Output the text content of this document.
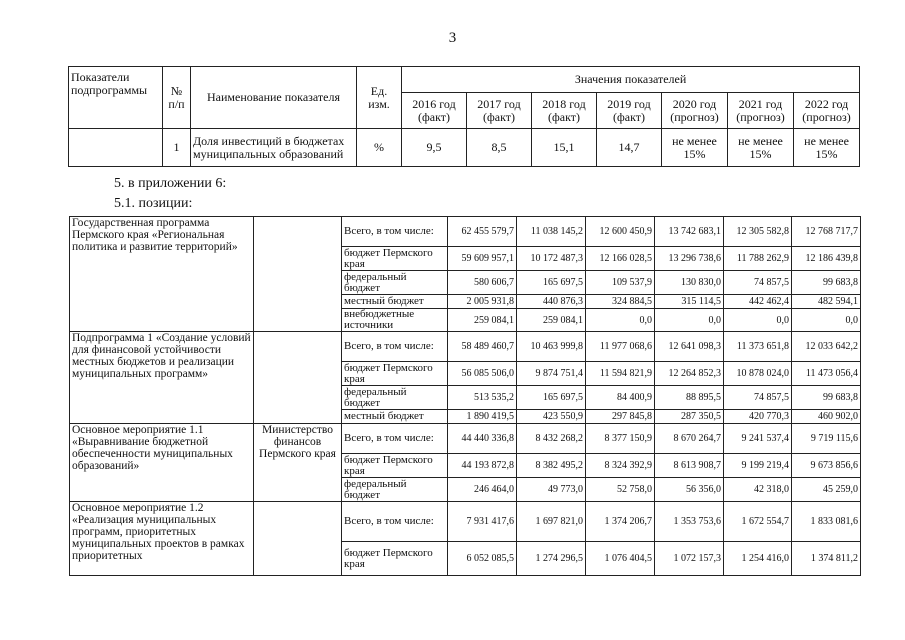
3
Показатели подпрограммы	№ п/п	Наименование показателя	Ед. изм.	Значения показателей						
				2016 год (факт)	2017 год (факт)	2018 год (факт)	2019 год (факт)	2020 год (прогноз)	2021 год (прогноз)	2022 год (прогноз)
	1	Доля инвестиций в бюджетах муниципальных образований	%	9,5	8,5	15,1	14,7	не менее 15%	не менее 15%	не менее 15%
5. в приложении 6:
5.1. позиции:
Государственная программа Пермского края «Региональная политика и развитие территорий»		Всего, в том числе:	62 455 579,7	11 038 145,2	12 600 450,9	13 742 683,1	12 305 582,8	12 768 717,7
		бюджет Пермского края	59 609 957,1	10 172 487,3	12 166 028,5	13 296 738,6	11 788 262,9	12 186 439,8
		федеральный бюджет	580 606,7	165 697,5	109 537,9	130 830,0	74 857,5	99 683,8
		местный бюджет	2 005 931,8	440 876,3	324 884,5	315 114,5	442 462,4	482 594,1
		внебюджетные источники	259 084,1	259 084,1	0,0	0,0	0,0	0,0
Подпрограмма 1 «Создание условий для финансовой устойчивости местных бюджетов и реализации муниципальных программ»		Всего, в том числе:	58 489 460,7	10 463 999,8	11 977 068,6	12 641 098,3	11 373 651,8	12 033 642,2
		бюджет Пермского края	56 085 506,0	9 874 751,4	11 594 821,9	12 264 852,3	10 878 024,0	11 473 056,4
		федеральный бюджет	513 535,2	165 697,5	84 400,9	88 895,5	74 857,5	99 683,8
		местный бюджет	1 890 419,5	423 550,9	297 845,8	287 350,5	420 770,3	460 902,0
Основное мероприятие 1.1 «Выравнивание бюджетной обеспеченности муниципальных образований»	Министерство финансов Пермского края	Всего, в том числе:	44 440 336,8	8 432 268,2	8 377 150,9	8 670 264,7	9 241 537,4	9 719 115,6
		бюджет Пермского края	44 193 872,8	8 382 495,2	8 324 392,9	8 613 908,7	9 199 219,4	9 673 856,6
		федеральный бюджет	246 464,0	49 773,0	52 758,0	56 356,0	42 318,0	45 259,0
Основное мероприятие 1.2 «Реализация муниципальных программ, приоритетных муниципальных проектов в рамках приоритетных		Всего, в том числе:	7 931 417,6	1 697 821,0	1 374 206,7	1 353 753,6	1 672 554,7	1 833 081,6
		бюджет Пермского края	6 052 085,5	1 274 296,5	1 076 404,5	1 072 157,3	1 254 416,0	1 374 811,2
